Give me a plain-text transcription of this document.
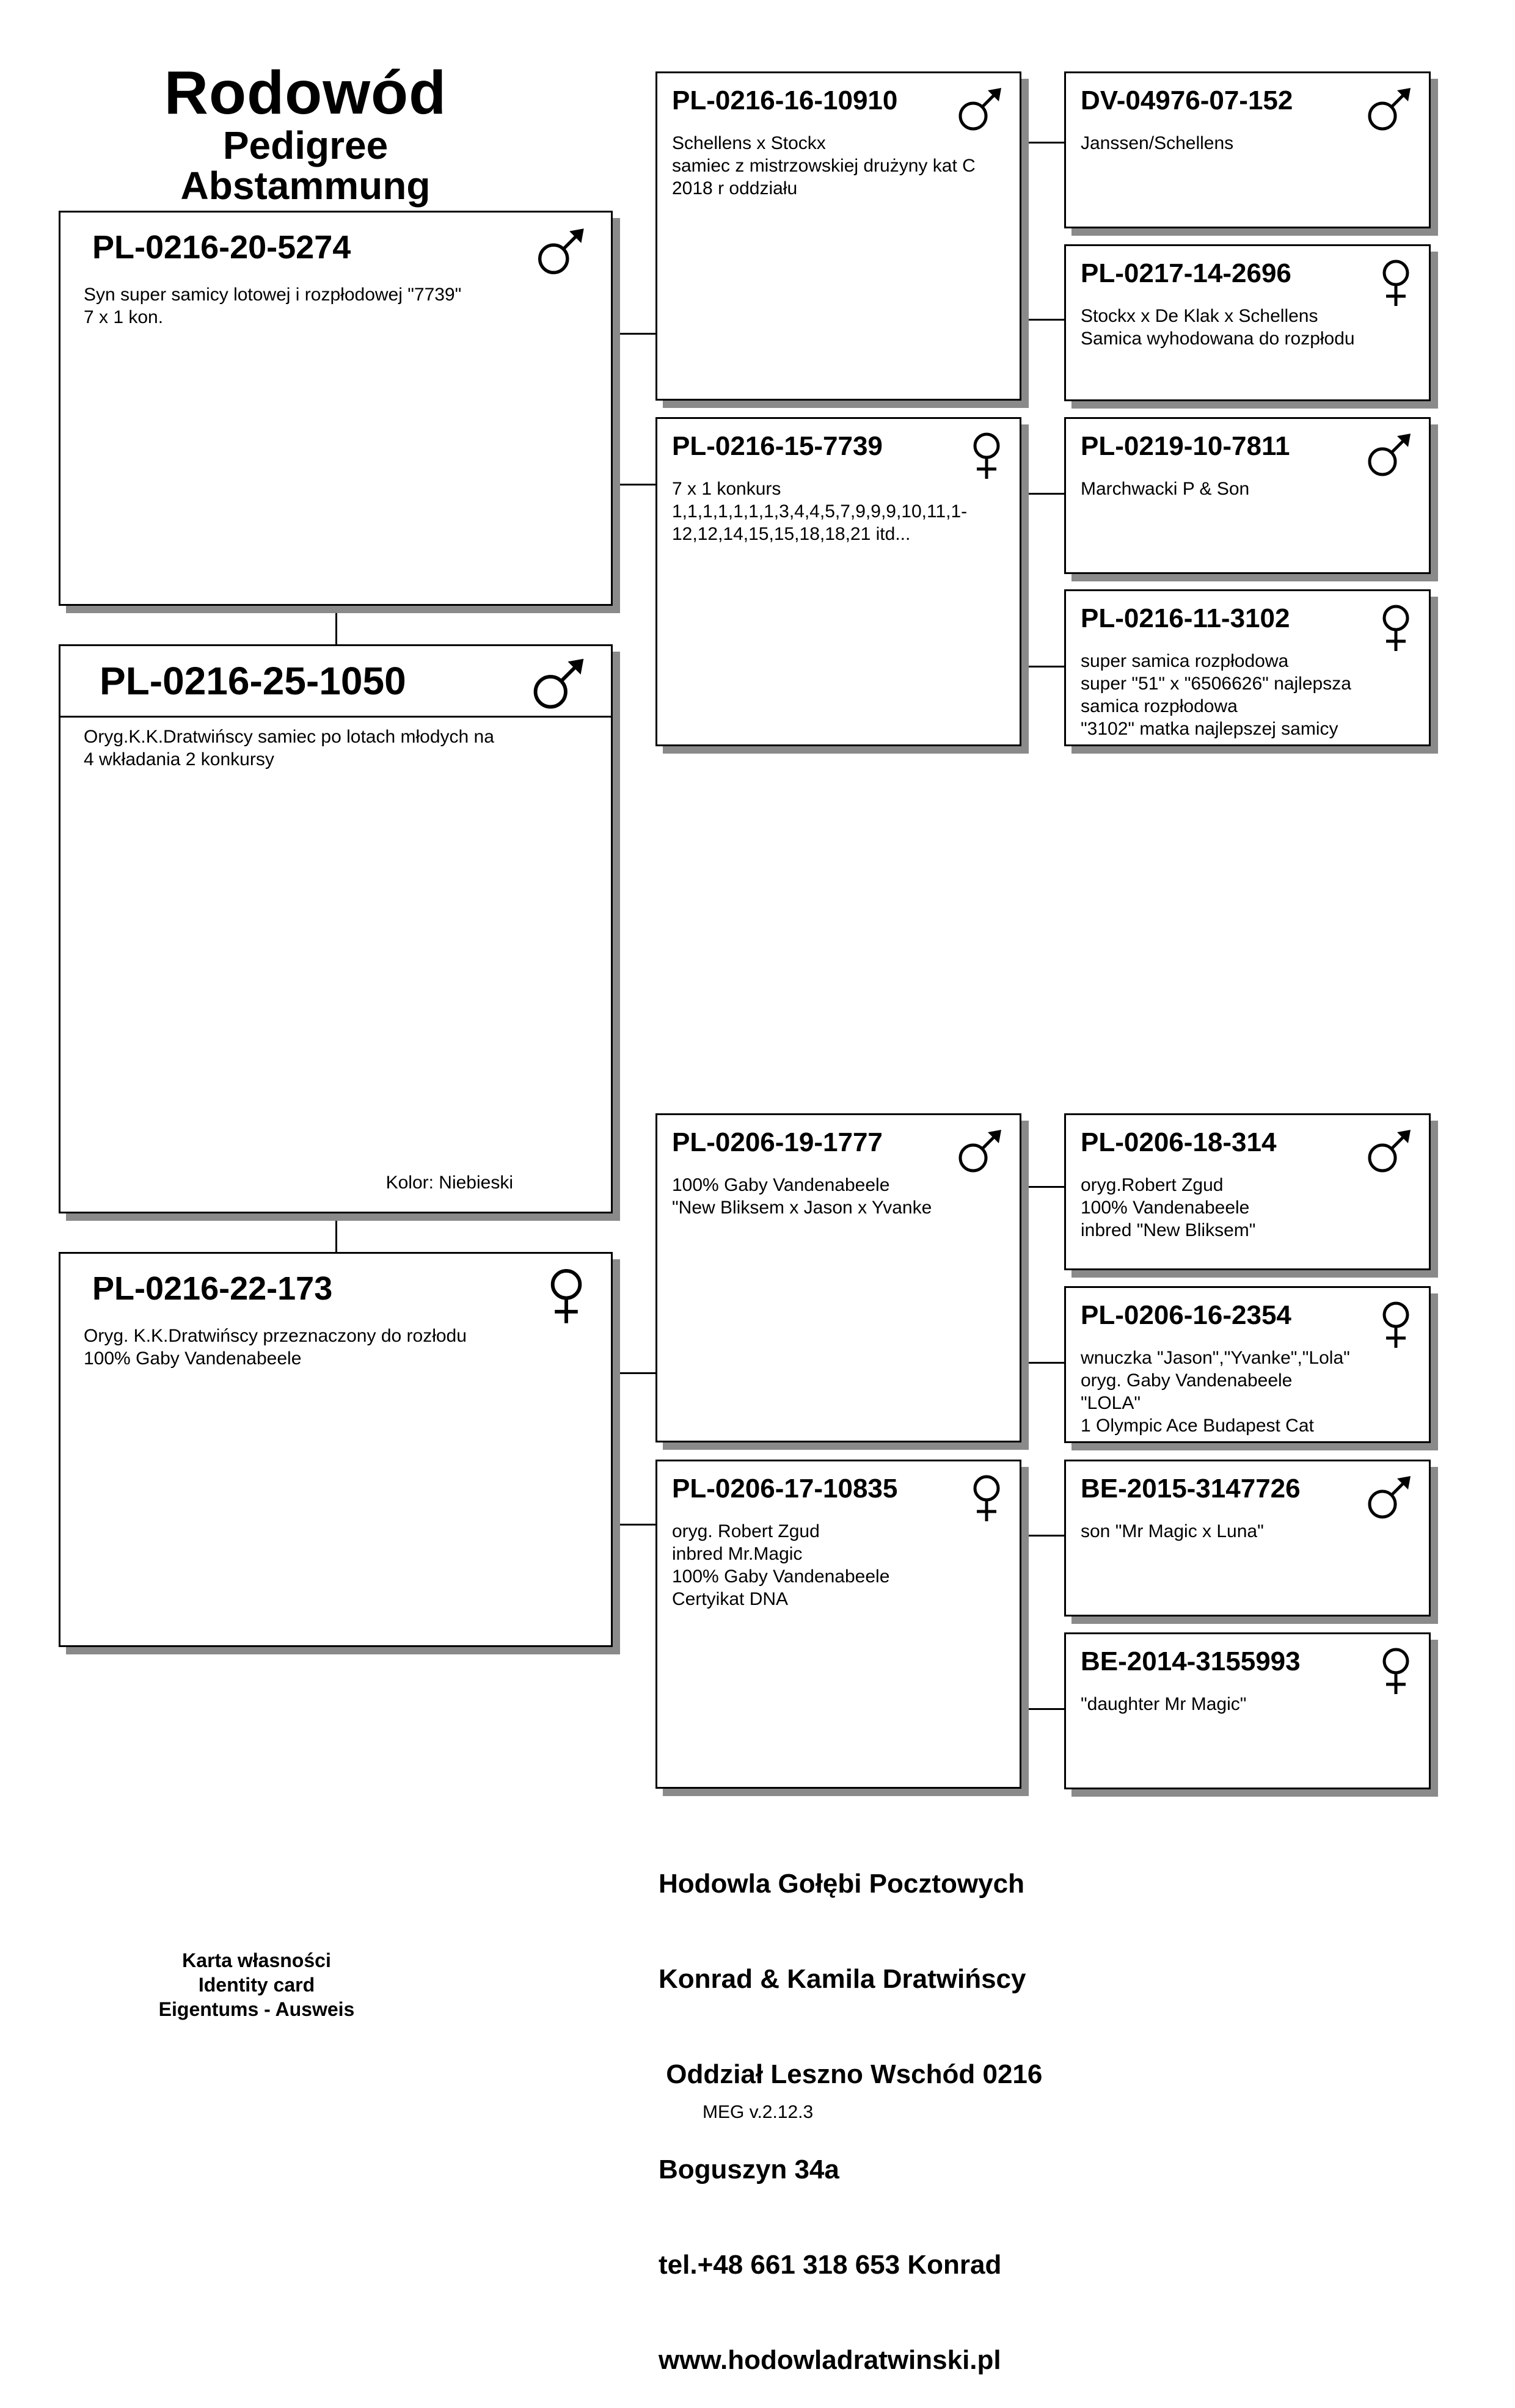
Rodowód
Pedigree
Abstammung
PL-0216-20-5274
Syn super samicy lotowej i rozpłodowej "7739"
7 x 1 kon.
PL-0216-25-1050
Oryg.K.K.Dratwińscy samiec po lotach młodych na
4 wkładania 2 konkursy
Kolor: Niebieski
PL-0216-22-173
Oryg. K.K.Dratwińscy przeznaczony do rozłodu
100% Gaby Vandenabeele
PL-0216-16-10910
Schellens x Stockx
samiec z mistrzowskiej drużyny kat C
2018 r oddziału
PL-0216-15-7739
7 x 1 konkurs
1,1,1,1,1,1,1,3,4,4,5,7,9,9,9,10,11,1-
12,12,14,15,15,18,18,21 itd...
PL-0206-19-1777
100% Gaby Vandenabeele
"New Bliksem x Jason x Yvanke
PL-0206-17-10835
oryg. Robert Zgud
inbred Mr.Magic
100% Gaby Vandenabeele
Certyikat DNA
DV-04976-07-152
Janssen/Schellens
PL-0217-14-2696
Stockx x De Klak x Schellens
Samica wyhodowana do rozpłodu
PL-0219-10-7811
Marchwacki P & Son
PL-0216-11-3102
super samica rozpłodowa
super "51" x "6506626" najlepsza
samica rozpłodowa
"3102" matka najlepszej samicy
PL-0206-18-314
oryg.Robert Zgud
100% Vandenabeele
inbred "New Bliksem"
PL-0206-16-2354
wnuczka "Jason","Yvanke","Lola"
oryg. Gaby Vandenabeele
"LOLA"
1 Olympic Ace Budapest Cat
BE-2015-3147726
son "Mr Magic x Luna"
BE-2014-3155993
"daughter Mr Magic"
Karta własności
Identity card
Eigentums - Ausweis

Hodowla Gołębi Pocztowych

Konrad & Kamila Dratwińscy

Oddział Leszno Wschód 0216

Boguszyn 34a

tel.+48 661 318 653 Konrad

www.hodowladratwinski.pl

MEG v.2.12.3
